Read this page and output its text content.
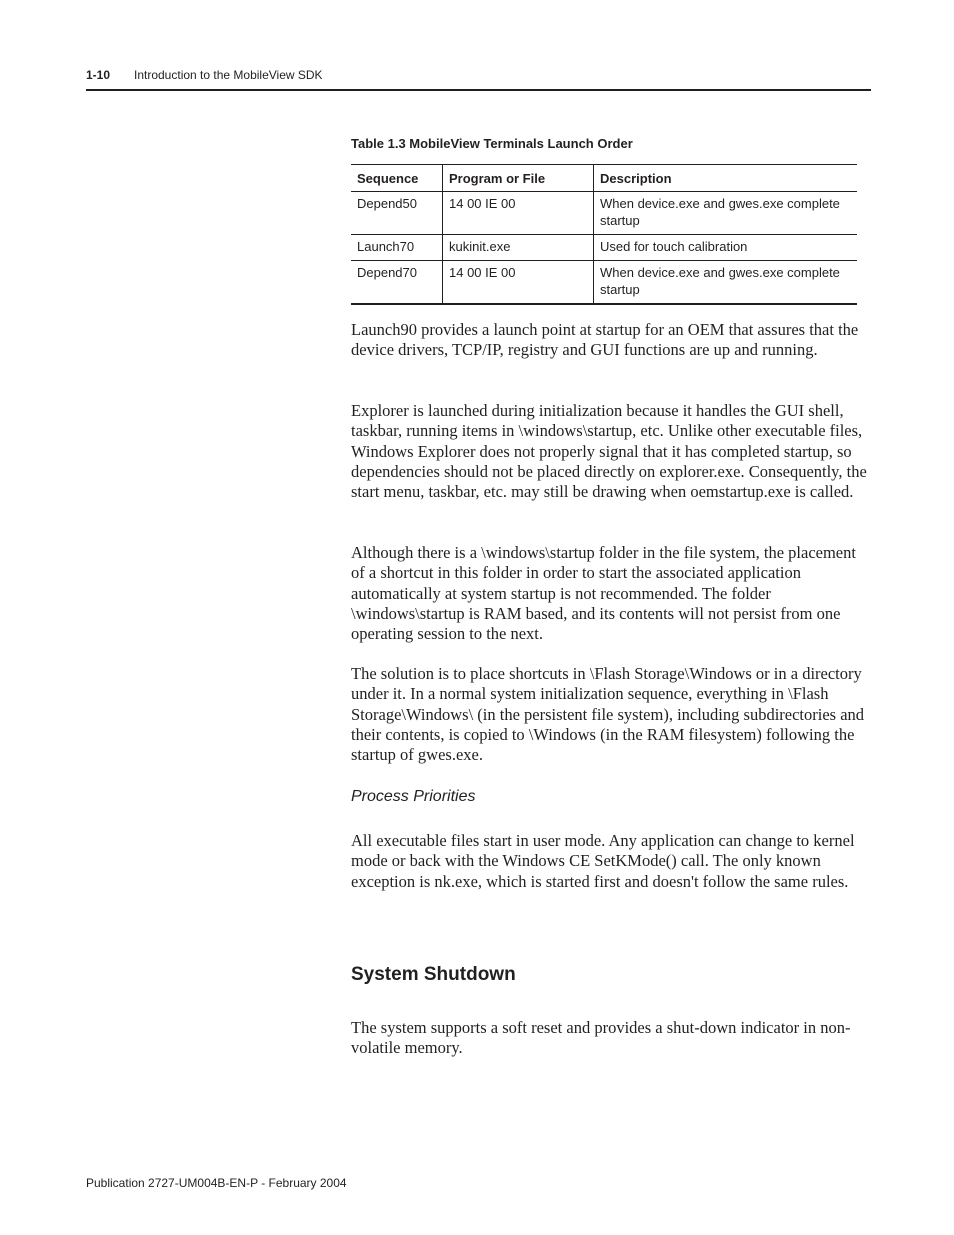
1-10 Introduction to the MobileView SDK
Table 1.3 MobileView Terminals Launch Order
Sequence	Program or File	Description
Depend50	14 00 IE 00	When device.exe and gwes.exe complete startup
Launch70	kukinit.exe	Used for touch calibration
Depend70	14 00 IE 00	When device.exe and gwes.exe complete startup

Launch90 provides a launch point at startup for an OEM that assures that the device drivers, TCP/IP, registry and GUI functions are up and running.

Explorer is launched during initialization because it handles the GUI shell, taskbar, running items in \windows\startup, etc. Unlike other executable files, Windows Explorer does not properly signal that it has completed startup, so dependencies should not be placed directly on explorer.exe. Consequently, the start menu, taskbar, etc. may still be drawing when oemstartup.exe is called.

Although there is a \windows\startup folder in the file system, the placement of a shortcut in this folder in order to start the associated application automatically at system startup is not recommended. The folder \windows\startup is RAM based, and its contents will not persist from one operating session to the next.

The solution is to place shortcuts in \Flash Storage\Windows or in a directory under it. In a normal system initialization sequence, everything in \Flash Storage\Windows\ (in the persistent file system), including subdirectories and their contents, is copied to \Windows (in the RAM filesystem) following the startup of gwes.exe.

Process Priorities

All executable files start in user mode. Any application can change to kernel mode or back with the Windows CE SetKMode() call. The only known exception is nk.exe, which is started first and doesn't follow the same rules.

System Shutdown

The system supports a soft reset and provides a shut-down indicator in non-volatile memory.

Publication 2727-UM004B-EN-P - February 2004
